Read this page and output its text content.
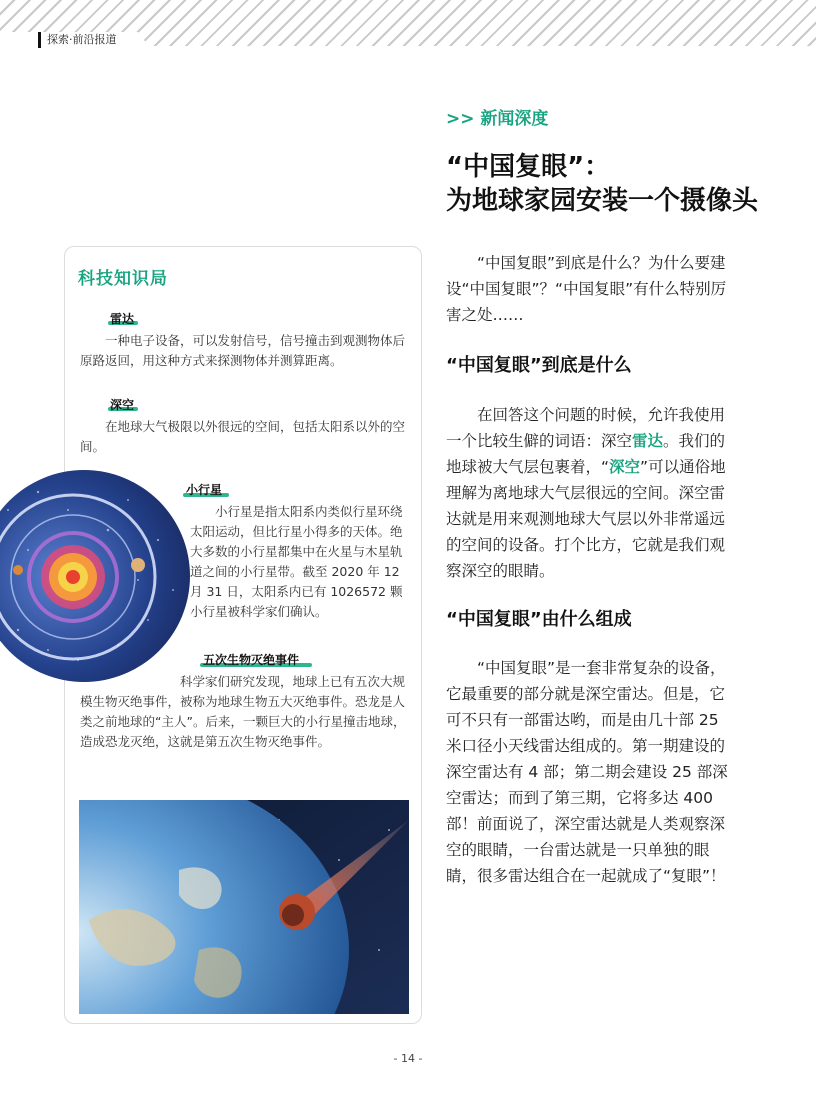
探索·前沿报道
>> 新闻深度
“中国复眼”：
为地球家园安装一个摄像头

“中国复眼”到底是什么？为什么要建设“中国复眼”？“中国复眼”有什么特别厉害之处……

“中国复眼”到底是什么

在回答这个问题的时候，允许我使用一个比较生僻的词语：深空雷达。我们的地球被大气层包裹着，“深空”可以通俗地理解为离地球大气层很远的空间。深空雷达就是用来观测地球大气层以外非常遥远的空间的设备。打个比方，它就是我们观察深空的眼睛。

“中国复眼”由什么组成

“中国复眼”是一套非常复杂的设备，它最重要的部分就是深空雷达。但是，它可不只有一部雷达哟，而是由几十部 25 米口径小天线雷达组成的。第一期建设的深空雷达有 4 部；第二期会建设 25 部深空雷达；而到了第三期，它将多达 400 部！前面说了，深空雷达就是人类观察深空的眼睛，一台雷达就是一只单独的眼睛，很多雷达组合在一起就成了“复眼”！

科技知识局
雷达

一种电子设备，可以发射信号，信号撞击到观测物体后原路返回，用这种方式来探测物体并测算距离。

深空

在地球大气极限以外很远的空间，包括太阳系以外的空间。

小行星

小行星是指太阳系内类似行星环绕太阳运动，但比行星小得多的天体。绝大多数的小行星都集中在火星与木星轨道之间的小行星带。截至 2020 年 12 月 31 日，太阳系内已有 1026572 颗小行星被科学家们确认。

五次生物灭绝事件

科学家们研究发现，地球上已有五次大规模生物灭绝事件，被称为地球生物五大灭绝事件。恐龙是人类之前地球的“主人”。后来，一颗巨大的小行星撞击地球，造成恐龙灭绝，这就是第五次生物灭绝事件。

- 14 -
